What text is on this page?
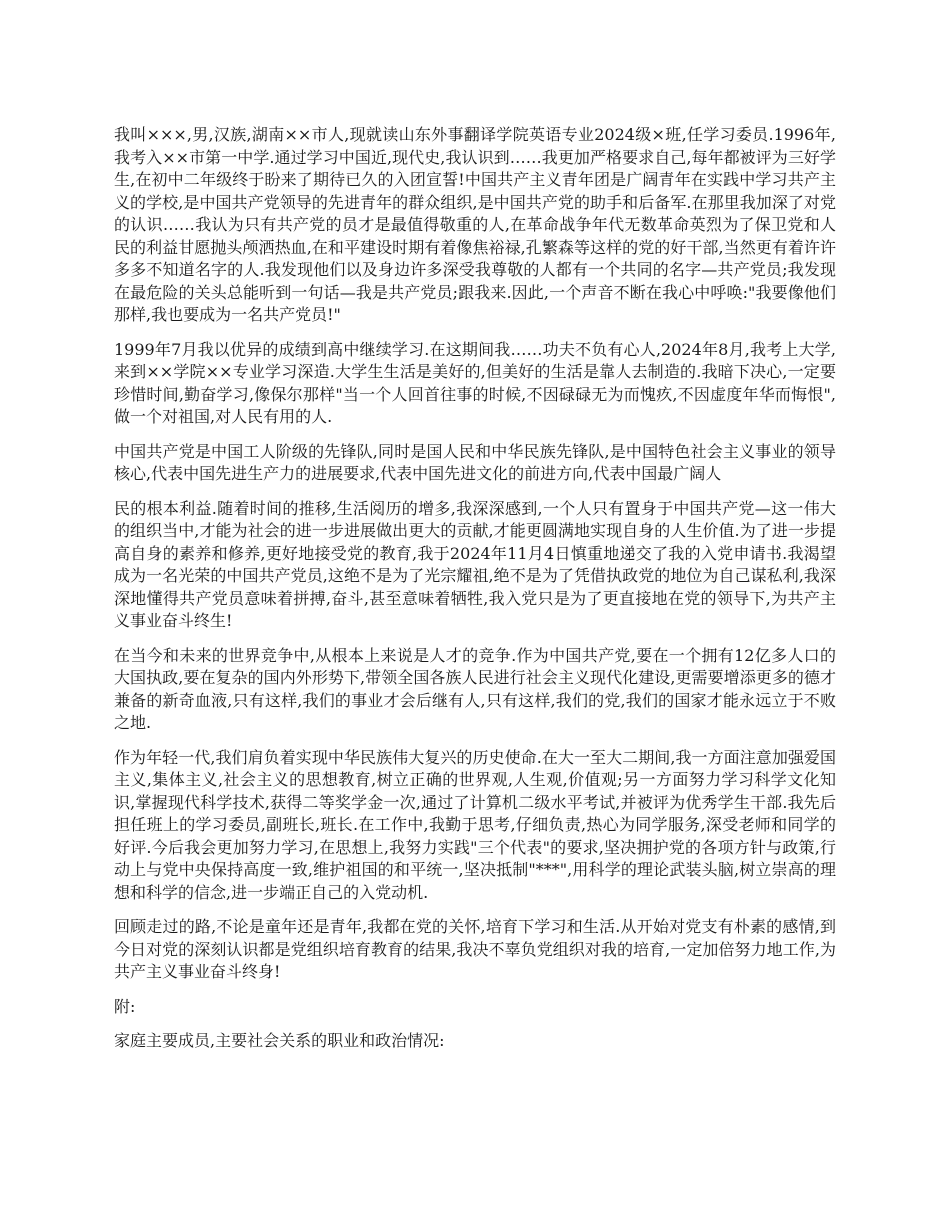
我叫×××,男,汉族,湖南××市人,现就读山东外事翻译学院英语专业2024级×班,任学习委员.1996年,我考入××市第一中学.通过学习中国近,现代史,我认识到……我更加严格要求自己,每年都被评为三好学生,在初中二年级终于盼来了期待已久的入团宣誓!中国共产主义青年团是广阔青年在实践中学习共产主义的学校,是中国共产党领导的先进青年的群众组织,是中国共产党的助手和后备军.在那里我加深了对党的认识……我认为只有共产党的员才是最值得敬重的人,在革命战争年代无数革命英烈为了保卫党和人民的利益甘愿抛头颅洒热血,在和平建设时期有着像焦裕禄,孔繁森等这样的党的好干部,当然更有着许许多多不知道名字的人.我发现他们以及身边许多深受我尊敬的人都有一个共同的名字—共产党员;我发现在最危险的关头总能听到一句话—我是共产党员;跟我来.因此,一个声音不断在我心中呼唤:"我要像他们那样,我也要成为一名共产党员!"

1999年7月我以优异的成绩到高中继续学习.在这期间我……功夫不负有心人,2024年8月,我考上大学,来到××学院××专业学习深造.大学生生活是美好的,但美好的生活是靠人去制造的.我暗下决心,一定要珍惜时间,勤奋学习,像保尔那样"当一个人回首往事的时候,不因碌碌无为而愧疚,不因虚度年华而悔恨",做一个对祖国,对人民有用的人.

中国共产党是中国工人阶级的先锋队,同时是国人民和中华民族先锋队,是中国特色社会主义事业的领导核心,代表中国先进生产力的进展要求,代表中国先进文化的前进方向,代表中国最广阔人

民的根本利益.随着时间的推移,生活阅历的增多,我深深感到,一个人只有置身于中国共产党—这一伟大的组织当中,才能为社会的进一步进展做出更大的贡献,才能更圆满地实现自身的人生价值.为了进一步提高自身的素养和修养,更好地接受党的教育,我于2024年11月4日慎重地递交了我的入党申请书.我渴望成为一名光荣的中国共产党员,这绝不是为了光宗耀祖,绝不是为了凭借执政党的地位为自己谋私利,我深深地懂得共产党员意味着拼搏,奋斗,甚至意味着牺牲,我入党只是为了更直接地在党的领导下,为共产主义事业奋斗终生!

在当今和未来的世界竞争中,从根本上来说是人才的竞争.作为中国共产党,要在一个拥有12亿多人口的大国执政,要在复杂的国内外形势下,带领全国各族人民进行社会主义现代化建设,更需要增添更多的德才兼备的新奇血液,只有这样,我们的事业才会后继有人,只有这样,我们的党,我们的国家才能永远立于不败之地.

作为年轻一代,我们肩负着实现中华民族伟大复兴的历史使命.在大一至大二期间,我一方面注意加强爱国主义,集体主义,社会主义的思想教育,树立正确的世界观,人生观,价值观;另一方面努力学习科学文化知识,掌握现代科学技术,获得二等奖学金一次,通过了计算机二级水平考试,并被评为优秀学生干部.我先后担任班上的学习委员,副班长,班长.在工作中,我勤于思考,仔细负责,热心为同学服务,深受老师和同学的好评.今后我会更加努力学习,在思想上,我努力实践"三个代表"的要求,坚决拥护党的各项方针与政策,行动上与党中央保持高度一致,维护祖国的和平统一,坚决抵制"***",用科学的理论武装头脑,树立崇高的理想和科学的信念,进一步端正自己的入党动机.

回顾走过的路,不论是童年还是青年,我都在党的关怀,培育下学习和生活.从开始对党支有朴素的感情,到今日对党的深刻认识都是党组织培育教育的结果,我决不辜负党组织对我的培育,一定加倍努力地工作,为共产主义事业奋斗终身!

附:

家庭主要成员,主要社会关系的职业和政治情况:
